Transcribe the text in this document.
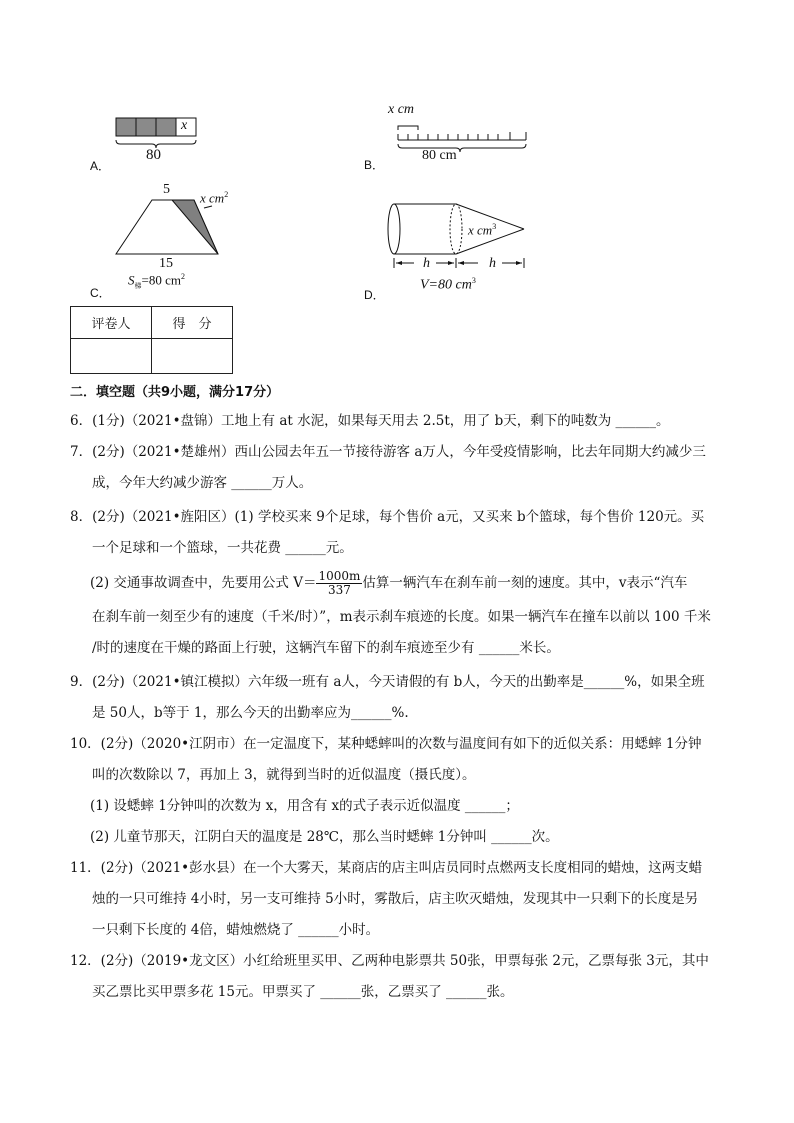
x
80
A．
x cm
80 cm
B．
5
x $cm^2$
15
$S_梯=80$ $cm^2$
C．
x $cm^3$
h	h
V=80 $cm^3$
D．
评卷人	得　分

二．填空题（共9小题，满分17分）

6．(1分)（2021•盘锦）工地上有 at 水泥，如果每天用去 2.5t，用了 b天，剩下的吨数为 ______。

7．(2分)（2021•楚雄州）西山公园去年五一节接待游客 a万人，今年受疫情影响，比去年同期大约减少三

成，今年大约减少游客 ______万人。

8．(2分)（2021•旌阳区）(1) 学校买来 9个足球，每个售价 a元，又买来 b个篮球，每个售价 120元。买

一个足球和一个篮球，一共花费 ______元。

(2) 交通事故调查中，先要用公式 $V= \frac{1000m}{337}$ 估算一辆汽车在刹车前一刻的速度。其中，v表示“汽车

在刹车前一刻至少有的速度（千米/时）”，m表示刹车痕迹的长度。如果一辆汽车在撞车以前以 100 千米

/时的速度在干燥的路面上行驶，这辆汽车留下的刹车痕迹至少有 ______米长。

9．(2分)（2021•镇江模拟）六年级一班有 a人，今天请假的有 b人，今天的出勤率是______%，如果全班

是 50人，b等于 1，那么今天的出勤率应为______%.

10．(2分)（2020•江阴市）在一定温度下，某种蟋蟀叫的次数与温度间有如下的近似关系：用蟋蟀 1分钟

叫的次数除以 7，再加上 3，就得到当时的近似温度（摄氏度）。

(1) 设蟋蟀 1分钟叫的次数为 x，用含有 x的式子表示近似温度 ______；

(2) 儿童节那天，江阴白天的温度是 28℃，那么当时蟋蟀 1分钟叫 ______次。

11．(2分)（2021•彭水县）在一个大雾天，某商店的店主叫店员同时点燃两支长度相同的蜡烛，这两支蜡

烛的一只可维持 4小时，另一支可维持 5小时，雾散后，店主吹灭蜡烛，发现其中一只剩下的长度是另

一只剩下长度的 4倍，蜡烛燃烧了 ______小时。

12．(2分)（2019•龙文区）小红给班里买甲、乙两种电影票共 50张，甲票每张 2元，乙票每张 3元，其中

买乙票比买甲票多花 15元。甲票买了 ______张，乙票买了 ______张。
